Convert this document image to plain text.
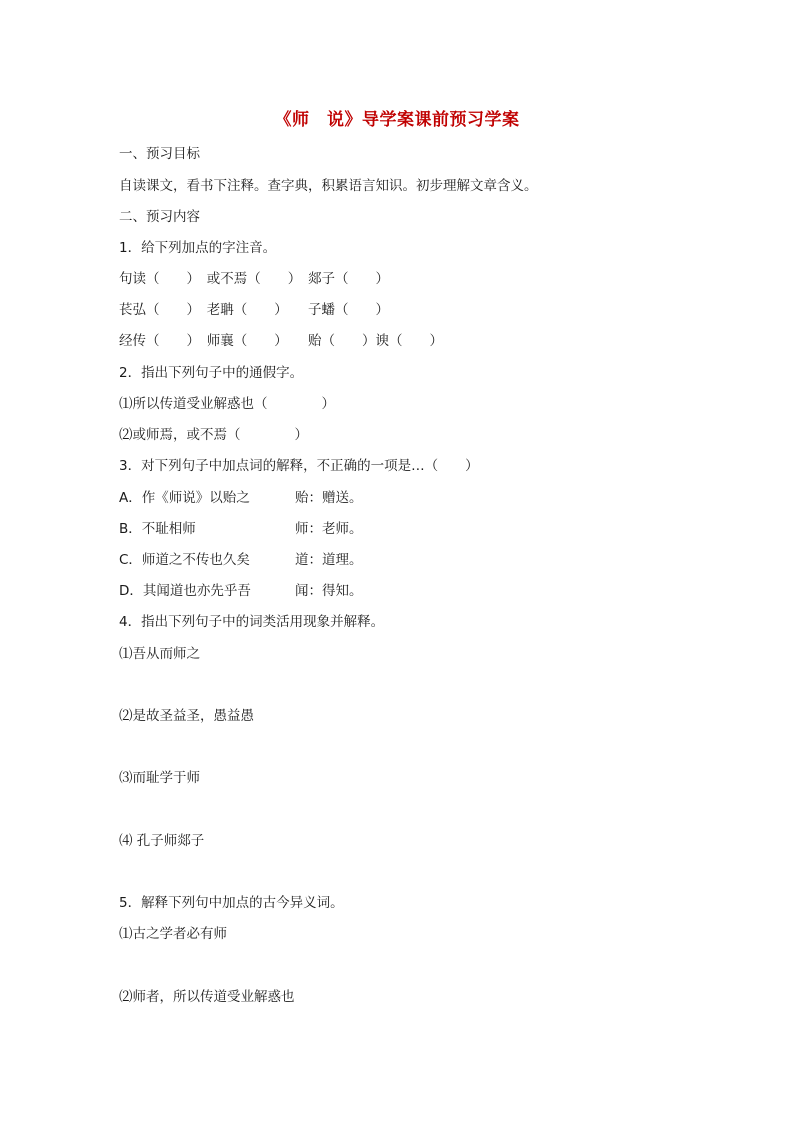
《师　说》导学案课前预习学案
一、预习目标
自读课文，看书下注释。查字典，积累语言知识。初步理解文章含义。
二、预习内容
1．给下列加点的字注音。
句读（　　）　或不焉（　　）　郯子（　　）
苌弘（　　）　老聃（　　）　　子蟠（　　）
经传（　　）　师襄（　　）　　贻（　　）谀（　　）
2．指出下列句子中的通假字。
⑴所以传道受业解惑也（　　　　）
⑵或师焉，或不焉（　　　　）
3．对下列句子中加点词的解释，不正确的一项是…（　　）
A．作《师说》以贻之	贻：赠送。
B．不耻相师	师：老师。
C．师道之不传也久矣	道：道理。
D．其闻道也亦先乎吾	闻：得知。
4．指出下列句子中的词类活用现象并解释。
⑴吾从而师之
⑵是故圣益圣，愚益愚
⑶而耻学于师
⑷ 孔子师郯子
5．解释下列句中加点的古今异义词。
⑴古之学者必有师
⑵师者，所以传道受业解惑也
